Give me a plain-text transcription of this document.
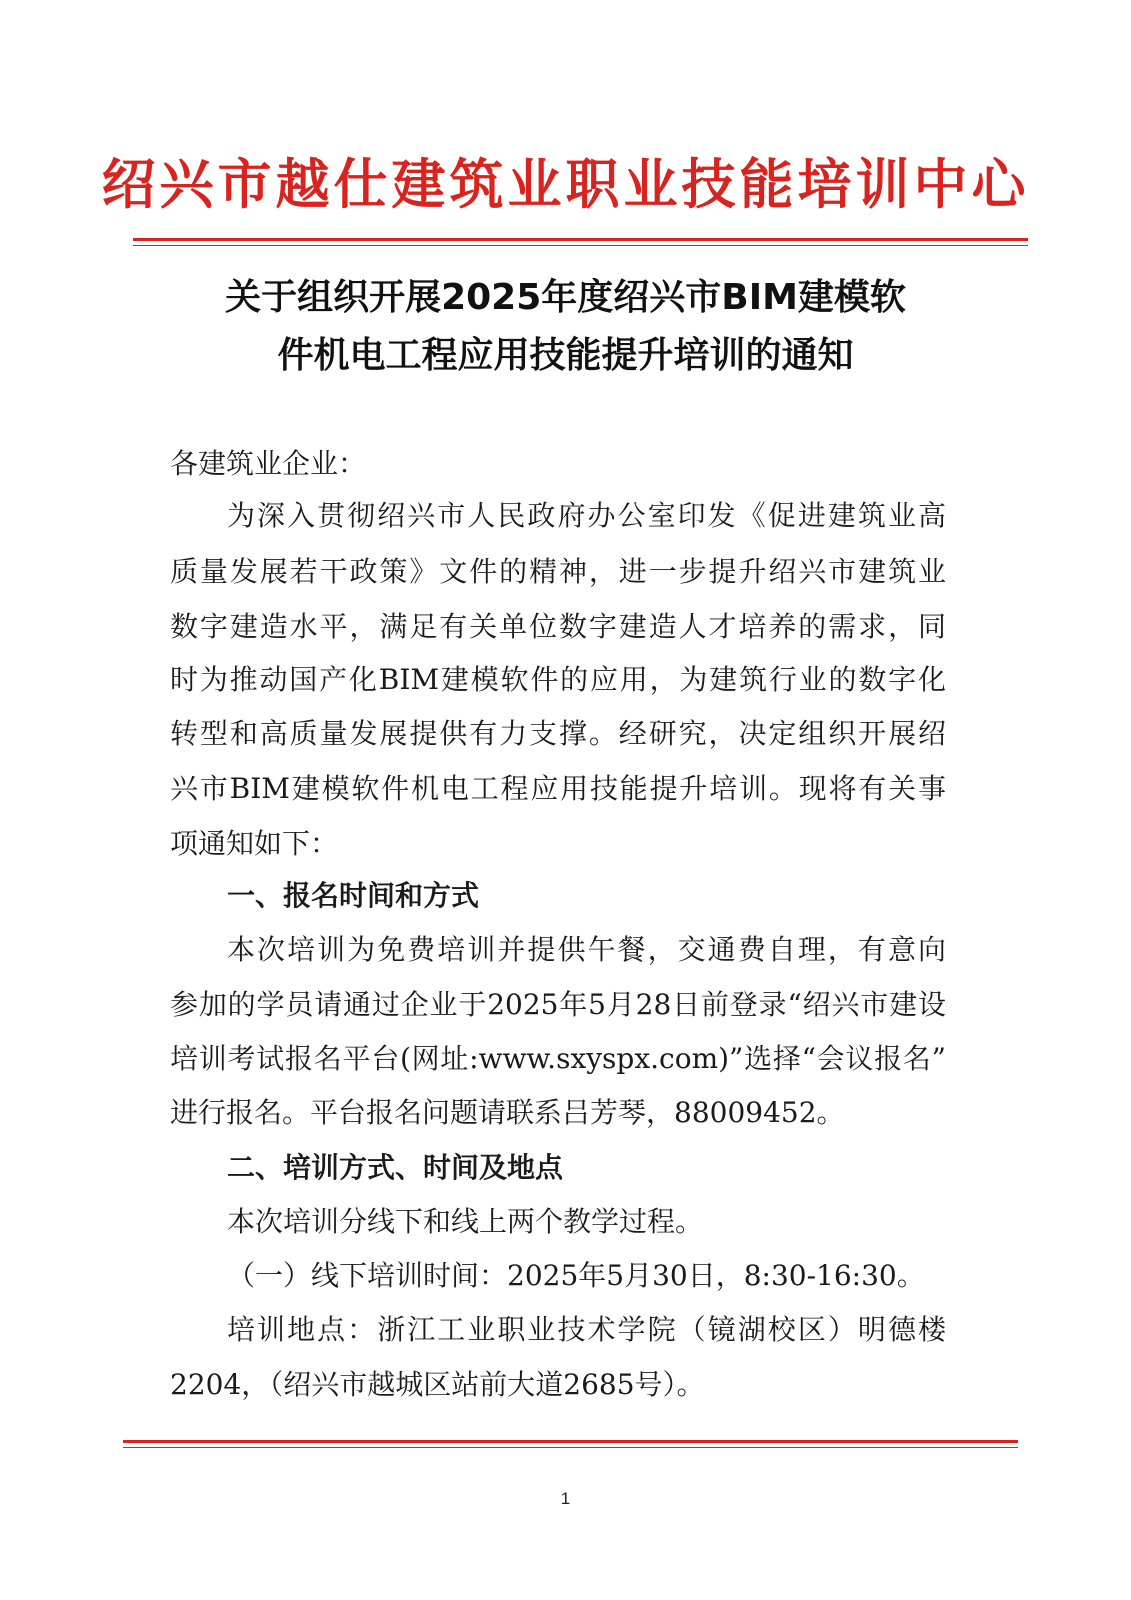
绍兴市越仕建筑业职业技能培训中心
关于组织开展2025年度绍兴市BIM建模软
件机电工程应用技能提升培训的通知

各建筑业企业：

为深入贯彻绍兴市人民政府办公室印发《促进建筑业高

质量发展若干政策》文件的精神，进一步提升绍兴市建筑业

数字建造水平，满足有关单位数字建造人才培养的需求，同

时为推动国产化BIM建模软件的应用，为建筑行业的数字化

转型和高质量发展提供有力支撑。经研究，决定组织开展绍

兴市BIM建模软件机电工程应用技能提升培训。现将有关事

项通知如下：

一、报名时间和方式

本次培训为免费培训并提供午餐，交通费自理，有意向

参加的学员请通过企业于2025年5月28日前登录“绍兴市建设

培训考试报名平台(网址:www.sxyspx.com)”选择“会议报名”

进行报名。平台报名问题请联系吕芳琴，88009452。

二、培训方式、时间及地点

本次培训分线下和线上两个教学过程。

（一）线下培训时间：2025年5月30日，8:30-16:30。

培训地点：浙江工业职业技术学院（镜湖校区）明德楼

2204，（绍兴市越城区站前大道2685号）。

1
